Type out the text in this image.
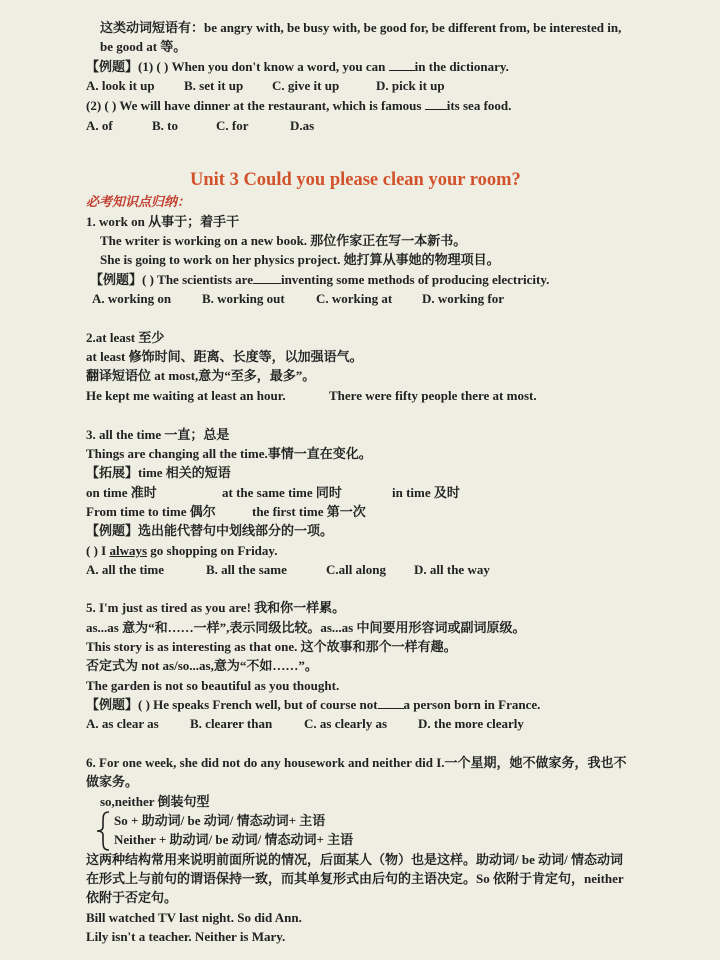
这类动词短语有：be angry with, be busy with, be good for, be different from, be interested in,
be good at 等。
【例题】(1) ( ) When you don't know a word, you can in the dictionary.
A. look it up B. set it up C. give it up	D. pick it up
(2) ( ) We will have dinner at the restaurant, which is famous its sea food.
A. of	B. to	C. for	D.as
Unit 3 Could you please clean your room?
必考知识点归纳：
1. work on 从事于；着手干
The writer is working on a new book. 那位作家正在写一本新书。
She is going to work on her physics project. 她打算从事她的物理项目。
【例题】( ) The scientists are inventing some methods of producing electricity.
A. working on B. working out C. working at D. working for
2.at least 至少
at least 修饰时间、距离、长度等，以加强语气。
翻译短语位 at most,意为“至多，最多”。
He kept me waiting at least an hour.	There were fifty people there at most.
3. all the time 一直；总是
Things are changing all the time.事情一直在变化。
【拓展】time 相关的短语
on time 准时	at the same time 同时	in time 及时
From time to time 偶尔	the first time 第一次
【例题】选出能代替句中划线部分的一项。
( ) I always go shopping on Friday.
A. all the time	B. all the same	C.all along D. all the way
5. I'm just as tired as you are! 我和你一样累。
as...as 意为“和……一样”,表示同级比较。as...as 中间要用形容词或副词原级。
This story is as interesting as that one. 这个故事和那个一样有趣。
否定式为 not as/so...as,意为“不如……”。
The garden is not so beautiful as you thought.
【例题】( ) He speaks French well, but of course not a person born in France.
A. as clear as B. clearer than C. as clearly as D. the more clearly
6. For one week, she did not do any housework and neither did I.一个星期，她不做家务，我也不
做家务。
so,neither 倒装句型
So + 助动词/ be 动词/ 情态动词+ 主语
Neither + 助动词/ be 动词/ 情态动词+ 主语
这两种结构常用来说明前面所说的情况，后面某人（物）也是这样。助动词/ be 动词/ 情态动词
在形式上与前句的谓语保持一致，而其单复形式由后句的主语决定。So 依附于肯定句，neither
依附于否定句。
Bill watched TV last night. So did Ann.
Lily isn't a teacher. Neither is Mary.
